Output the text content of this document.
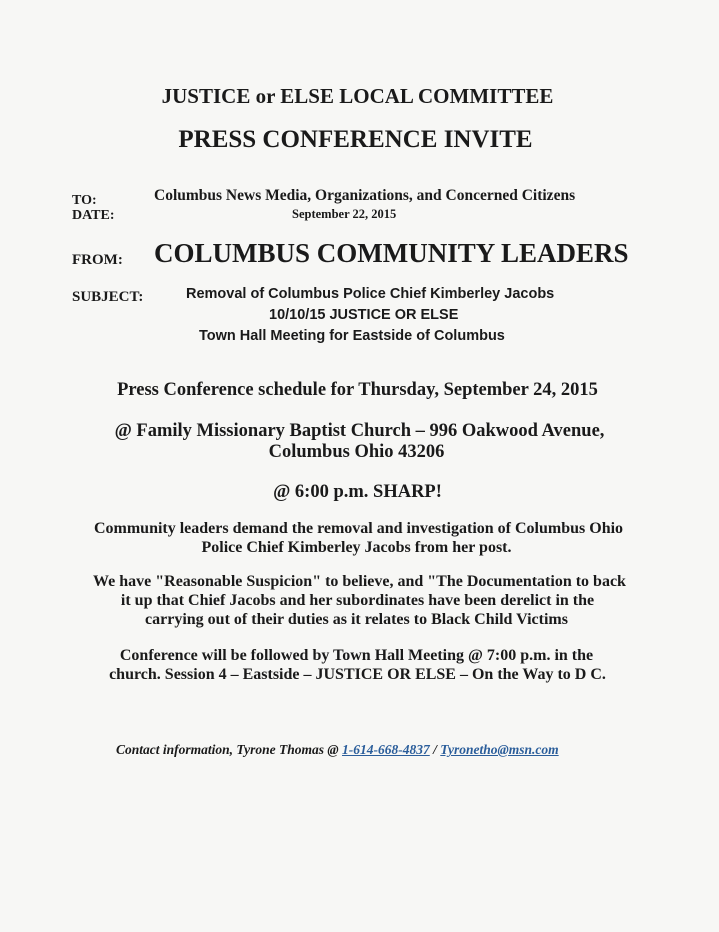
JUSTICE or ELSE LOCAL COMMITTEE
PRESS CONFERENCE INVITE
TO:	Columbus News Media, Organizations, and Concerned Citizens
DATE:	September 22, 2015
FROM: COLUMBUS COMMUNITY LEADERS
SUBJECT:	Removal of Columbus Police Chief Kimberley Jacobs
10/10/15 JUSTICE OR ELSE
Town Hall Meeting for Eastside of Columbus
Press Conference schedule for Thursday, September 24, 2015
@ Family Missionary Baptist Church – 996 Oakwood Avenue,
Columbus Ohio 43206
@ 6:00 p.m. SHARP!
Community leaders demand the removal and investigation of Columbus Ohio
Police Chief Kimberley Jacobs from her post.
We have "Reasonable Suspicion" to believe, and "The Documentation to back
it up that Chief Jacobs and her subordinates have been derelict in the
carrying out of their duties as it relates to Black Child Victims
Conference will be followed by Town Hall Meeting @ 7:00 p.m. in the
church. Session 4 – Eastside – JUSTICE OR ELSE – On the Way to D C.
Contact information, Tyrone Thomas @ 1-614-668-4837 / Tyronetho@msn.com
